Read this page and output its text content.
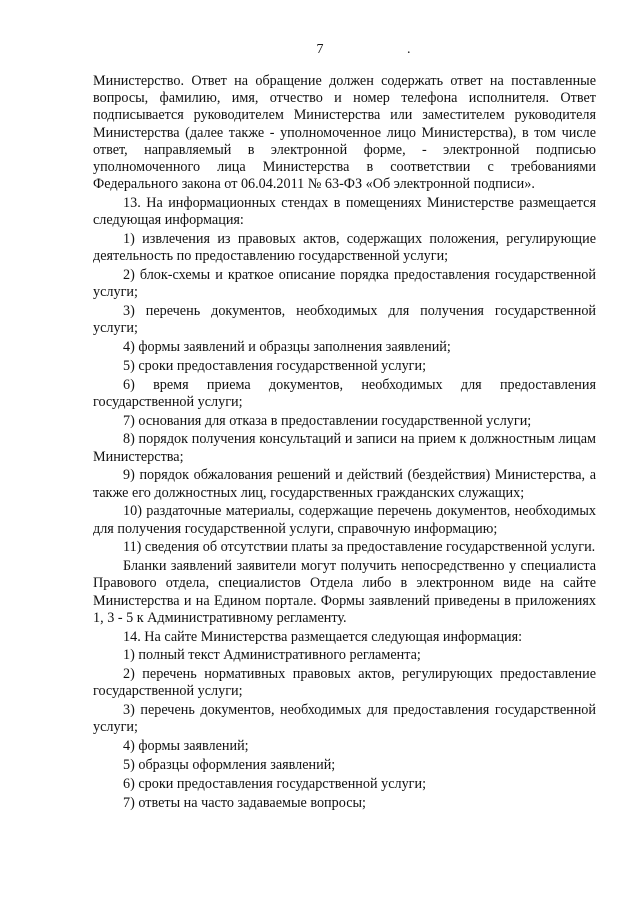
7	.

Министерство. Ответ на обращение должен содержать ответ на поставленные вопросы, фамилию, имя, отчество и номер телефона исполнителя. Ответ подписывается руководителем Министерства или заместителем руководителя Министерства (далее также - уполномоченное лицо Министерства), в том числе ответ, направляемый в электронной форме, - электронной подписью уполномоченного лица Министерства в соответствии с требованиями Федерального закона от 06.04.2011 № 63-ФЗ «Об электронной подписи».

13. На информационных стендах в помещениях Министерстве размещается следующая информация:

1) извлечения из правовых актов, содержащих положения, регулирующие деятельность по предоставлению государственной услуги;

2) блок-схемы и краткое описание порядка предоставления государственной услуги;

3) перечень документов, необходимых для получения государственной услуги;

4) формы заявлений и образцы заполнения заявлений;

5) сроки предоставления государственной услуги;

6) время приема документов, необходимых для предоставления государственной услуги;

7) основания для отказа в предоставлении государственной услуги;

8) порядок получения консультаций и записи на прием к должностным лицам Министерства;

9) порядок обжалования решений и действий (бездействия) Министерства, а также его должностных лиц, государственных гражданских служащих;

10) раздаточные материалы, содержащие перечень документов, необходимых для получения государственной услуги, справочную информацию;

11) сведения об отсутствии платы за предоставление государственной услуги.

Бланки заявлений заявители могут получить непосредственно у специалиста Правового отдела, специалистов Отдела либо в электронном виде на сайте Министерства и на Едином портале. Формы заявлений приведены в приложениях 1, 3 - 5 к Административному регламенту.

14. На сайте Министерства размещается следующая информация:

1) полный текст Административного регламента;

2) перечень нормативных правовых актов, регулирующих предоставление государственной услуги;

3) перечень документов, необходимых для предоставления государственной услуги;

4) формы заявлений;

5) образцы оформления заявлений;

6) сроки предоставления государственной услуги;

7) ответы на часто задаваемые вопросы;
